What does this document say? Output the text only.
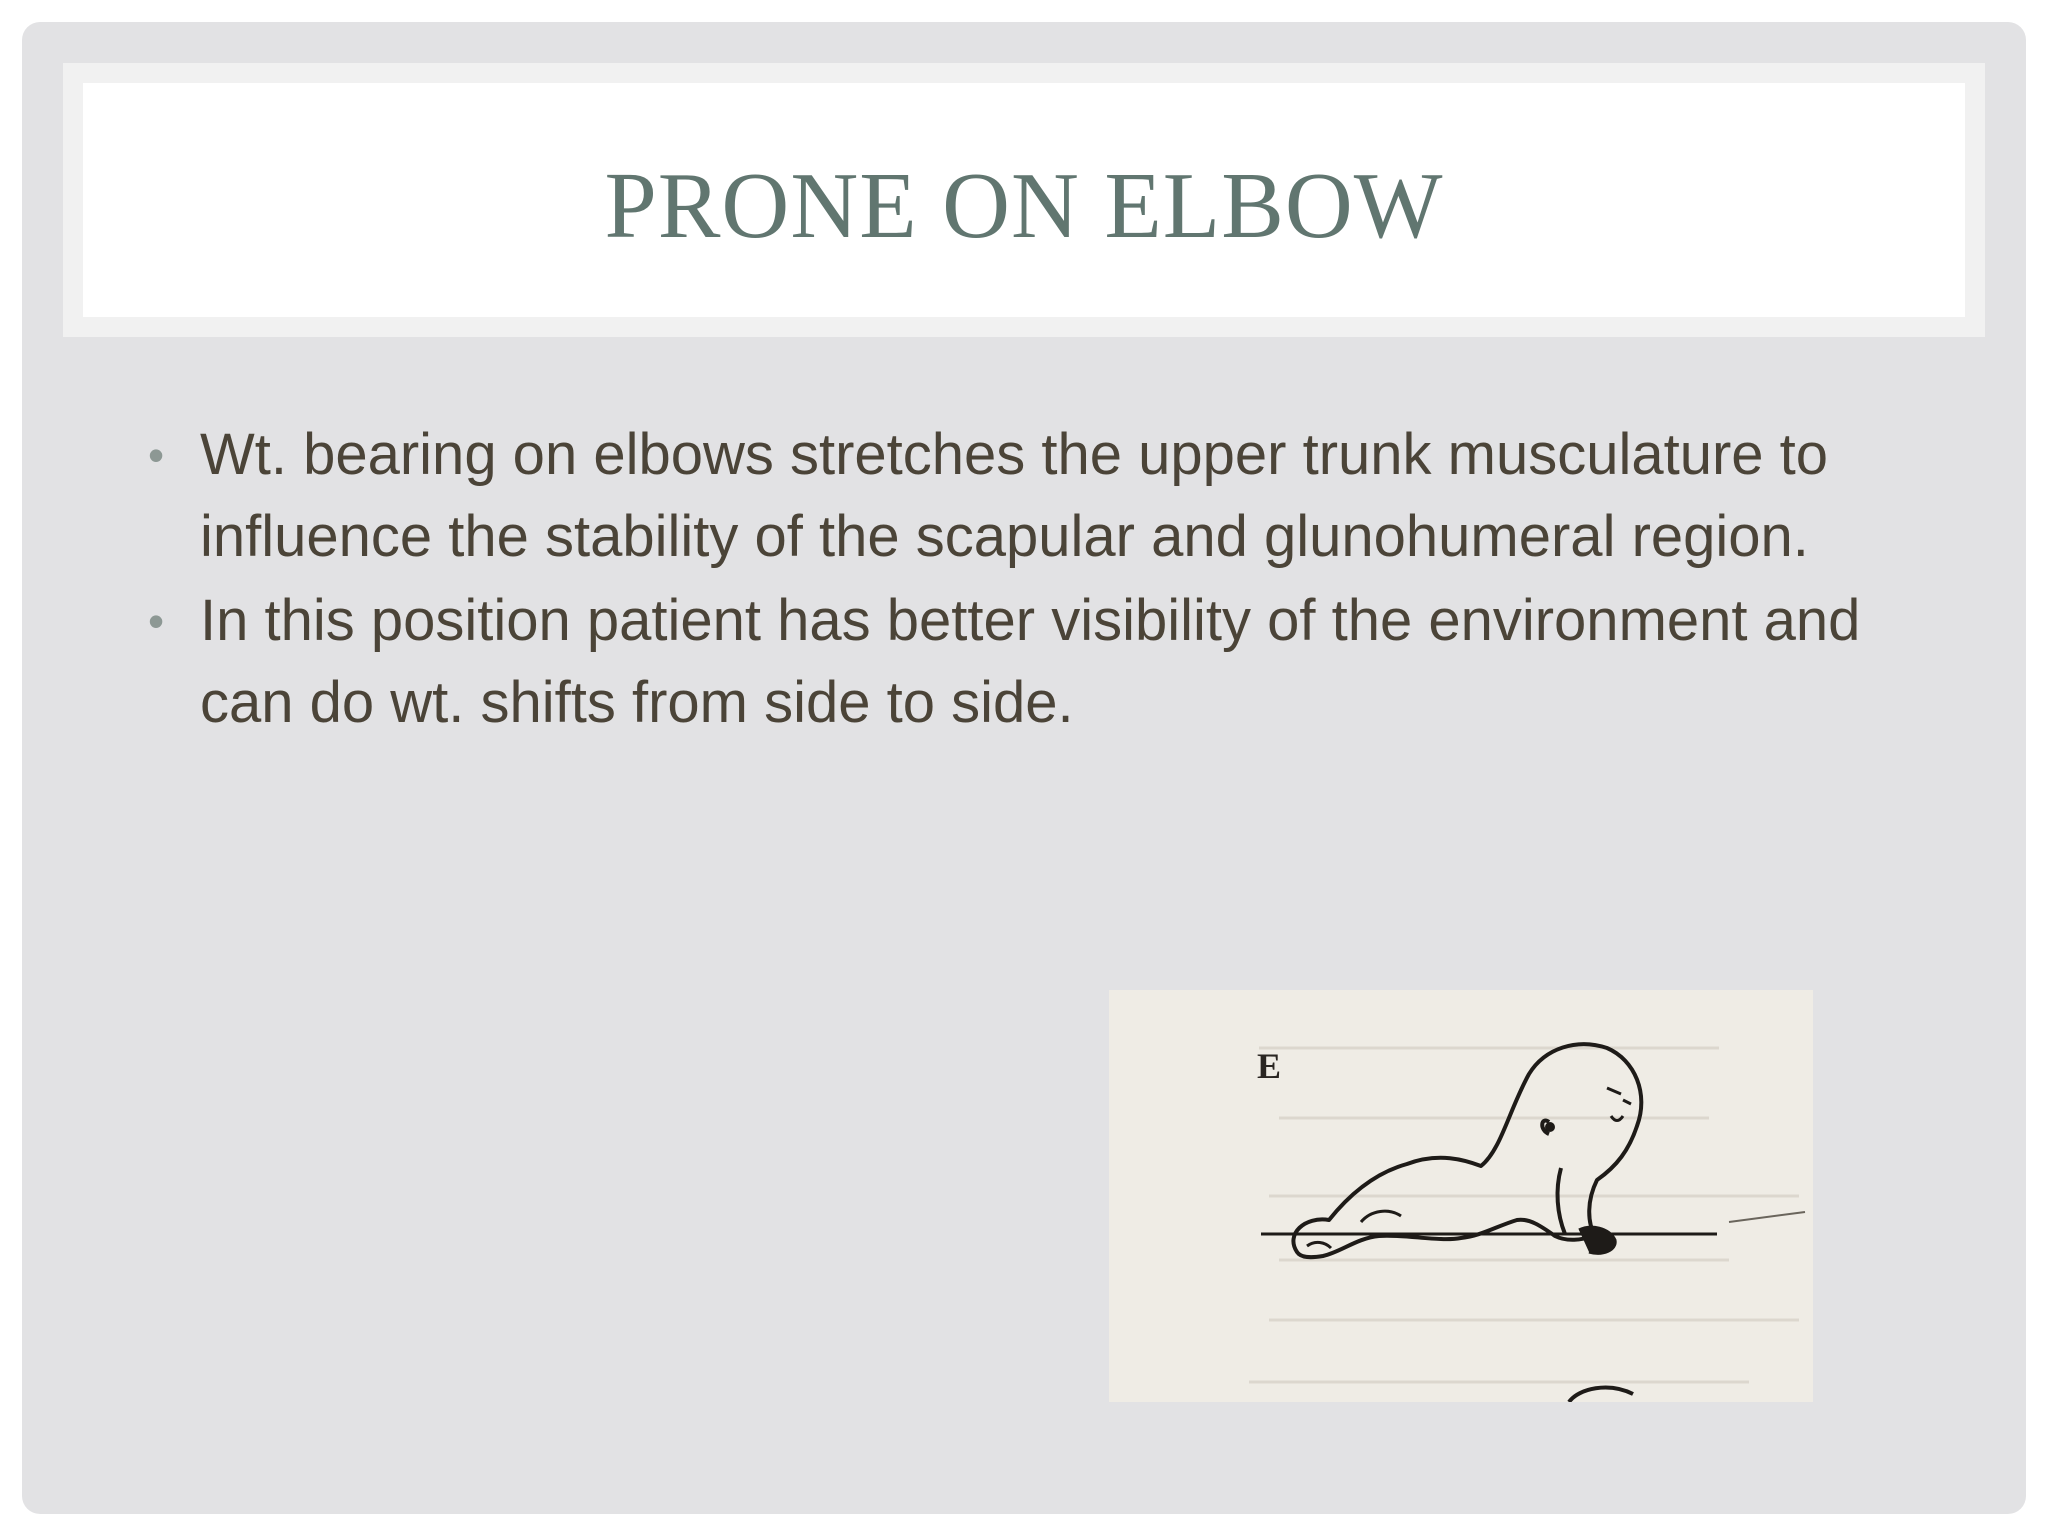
PRONE ON ELBOW
• Wt. bearing on elbows stretches the upper trunk musculature to influence the stability of the scapular and glunohumeral region.
• In this position patient has better visibility of the environment and can do wt. shifts from side to side.
E
